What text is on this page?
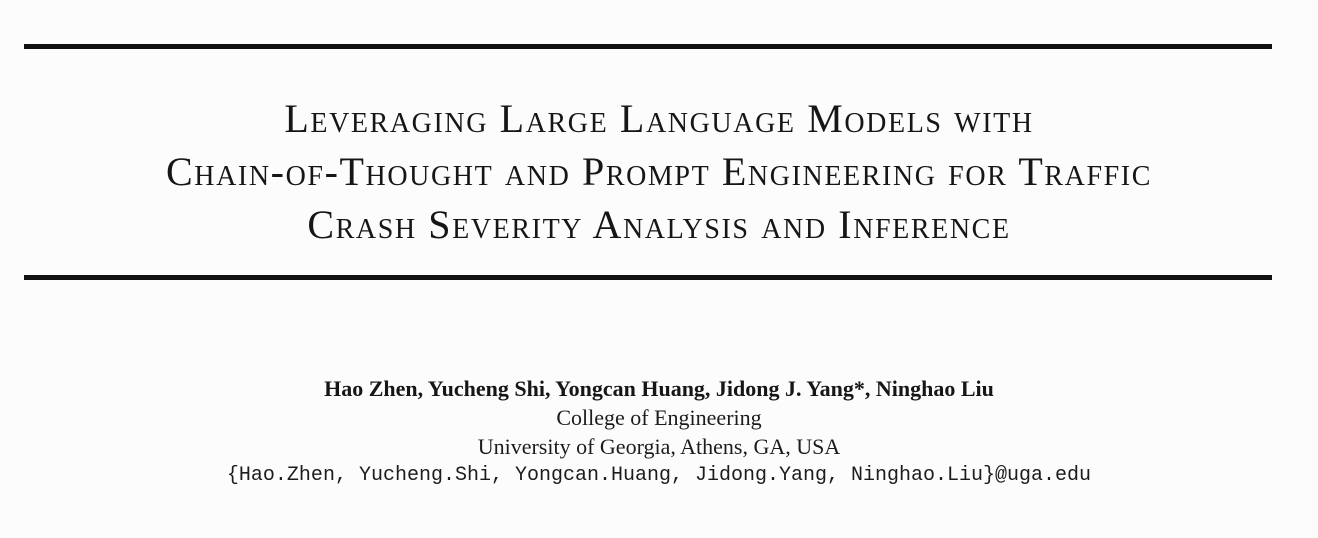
Leveraging Large Language Models with
Chain-of-Thought and Prompt Engineering for Traffic
Crash Severity Analysis and Inference
Hao Zhen, Yucheng Shi, Yongcan Huang, Jidong J. Yang*, Ninghao Liu
College of Engineering
University of Georgia, Athens, GA, USA
{Hao.Zhen, Yucheng.Shi, Yongcan.Huang, Jidong.Yang, Ninghao.Liu}@uga.edu
